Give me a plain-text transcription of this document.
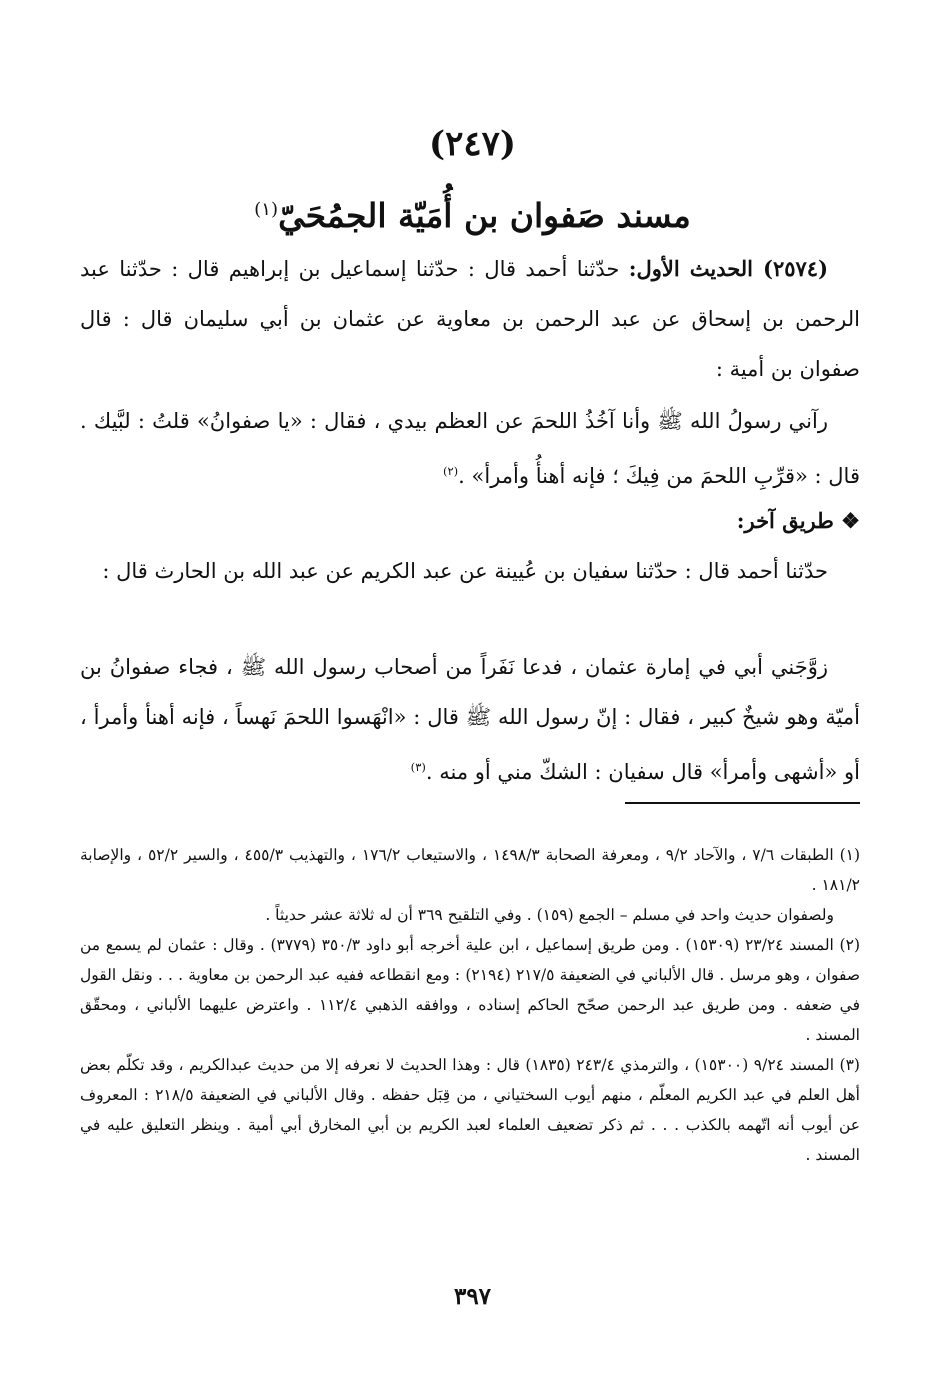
(٢٤٧)
مسند صَفوان بن أُمَيّة الجمُحَيّ$^{(١)}$

(٢٥٧٤) الحديث الأول: حدّثنا أحمد قال : حدّثنا إسماعيل بن إبراهيم قال : حدّثنا عبد الرحمن بن إسحاق عن عبد الرحمن بن معاوية عن عثمان بن أبي سليمان قال : قال صفوان بن أمية :

رآني رسولُ الله ﷺ وأنا آخُذُ اللحمَ عن العظم بيدي ، فقال : «يا صفوانُ» قلتُ : لبَّيك . قال : «قرِّبِ اللحمَ من فِيكَ ؛ فإنه أهنأُ وأمرأ» .$^{(٢)}$

❖ طريق آخر:

حدّثنا أحمد قال : حدّثنا سفيان بن عُيينة عن عبد الكريم عن عبد الله بن الحارث قال :

زوَّجَني أبي في إمارة عثمان ، فدعا نَفَراً من أصحاب رسول الله ﷺ ، فجاء صفوانُ بن أميّة وهو شيخٌ كبير ، فقال : إنّ رسول الله ﷺ قال : «انْهَسوا اللحمَ نَهساً ، فإنه أهنأ وأمرأ ، أو «أشهى وأمرأ» قال سفيان : الشكّ مني أو منه .$^{(٣)}$

(١) الطبقات ٧/٦ ، والآحاد ٩/٢ ، ومعرفة الصحابة ١٤٩٨/٣ ، والاستيعاب ١٧٦/٢ ، والتهذيب ٤٥٥/٣ ، والسير ٥٢/٢ ، والإصابة ١٨١/٢ .

ولصفوان حديث واحد في مسلم – الجمع (١٥٩) . وفي التلقيح ٣٦٩ أن له ثلاثة عشر حديثاً .

(٢) المسند ٢٣/٢٤ (١٥٣٠٩) . ومن طريق إسماعيل ، ابن علية أخرجه أبو داود ٣٥٠/٣ (٣٧٧٩) . وقال : عثمان لم يسمع من صفوان ، وهو مرسل . قال الألباني في الضعيفة ٢١٧/٥ (٢١٩٤) : ومع انقطاعه ففيه عبد الرحمن بن معاوية . . . ونقل القول في ضعفه . ومن طريق عبد الرحمن صحّح الحاكم إسناده ، ووافقه الذهبي ١١٢/٤ . واعترض عليهما الألباني ، ومحقّق المسند .

(٣) المسند ٩/٢٤ (١٥٣٠٠) ، والترمذي ٢٤٣/٤ (١٨٣٥) قال : وهذا الحديث لا نعرفه إلا من حديث عبدالكريم ، وقد تكلّم بعض أهل العلم في عبد الكريم المعلّم ، منهم أيوب السختياني ، من قِبَل حفظه . وقال الألباني في الضعيفة ٢١٨/٥ : المعروف عن أيوب أنه اتّهمه بالكذب . . . ثم ذكر تضعيف العلماء لعبد الكريم بن أبي المخارق أبي أمية . وينظر التعليق عليه في المسند .

٣٩٧
